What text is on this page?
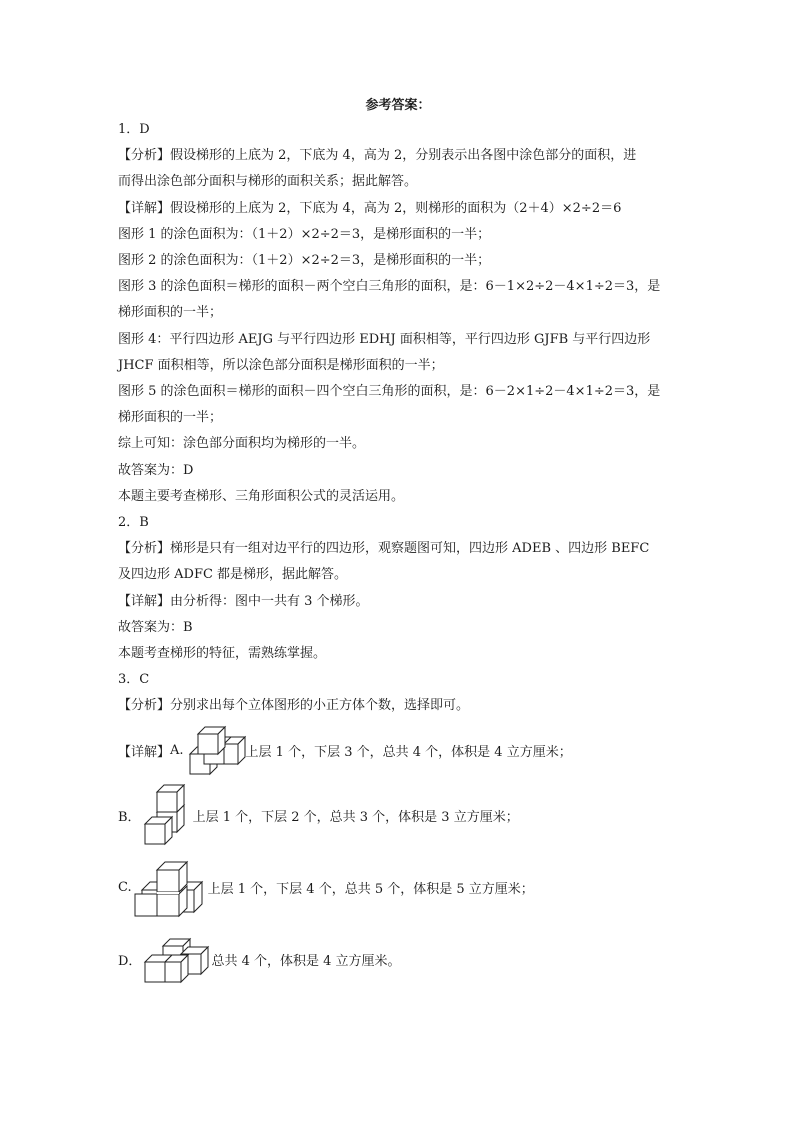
参考答案：
1．D
【分析】假设梯形的上底为 2，下底为 4，高为 2，分别表示出各图中涂色部分的面积，进
而得出涂色部分面积与梯形的面积关系；据此解答。
【详解】假设梯形的上底为 2，下底为 4，高为 2，则梯形的面积为（2＋4）×2÷2＝6
图形 1 的涂色面积为：（1＋2）×2÷2＝3，是梯形面积的一半；
图形 2 的涂色面积为：（1＋2）×2÷2＝3，是梯形面积的一半；
图形 3 的涂色面积＝梯形的面积－两个空白三角形的面积，是：6－1×2÷2－4×1÷2＝3，是
梯形面积的一半；
图形 4：平行四边形 AEJG 与平行四边形 EDHJ 面积相等，平行四边形 GJFB 与平行四边形
JHCF 面积相等，所以涂色部分面积是梯形面积的一半；
图形 5 的涂色面积＝梯形的面积－四个空白三角形的面积，是：6－2×1÷2－4×1÷2＝3，是
梯形面积的一半；
综上可知：涂色部分面积均为梯形的一半。
故答案为：D
本题主要考查梯形、三角形面积公式的灵活运用。
2．B
【分析】梯形是只有一组对边平行的四边形，观察题图可知，四边形 ADEB 、四边形 BEFC
及四边形 ADFC 都是梯形，据此解答。
【详解】由分析得：图中一共有 3 个梯形。
故答案为：B
本题考查梯形的特征，需熟练掌握。
3．C
【分析】分别求出每个立体图形的小正方体个数，选择即可。
【详解】 A.	上层 1 个，下层 3 个，总共 4 个，体积是 4 立方厘米；
B．	上层 1 个，下层 2 个，总共 3 个，体积是 3 立方厘米；
C.	上层 1 个，下层 4 个，总共 5 个，体积是 5 立方厘米；
D．	总共 4 个，体积是 4 立方厘米。
